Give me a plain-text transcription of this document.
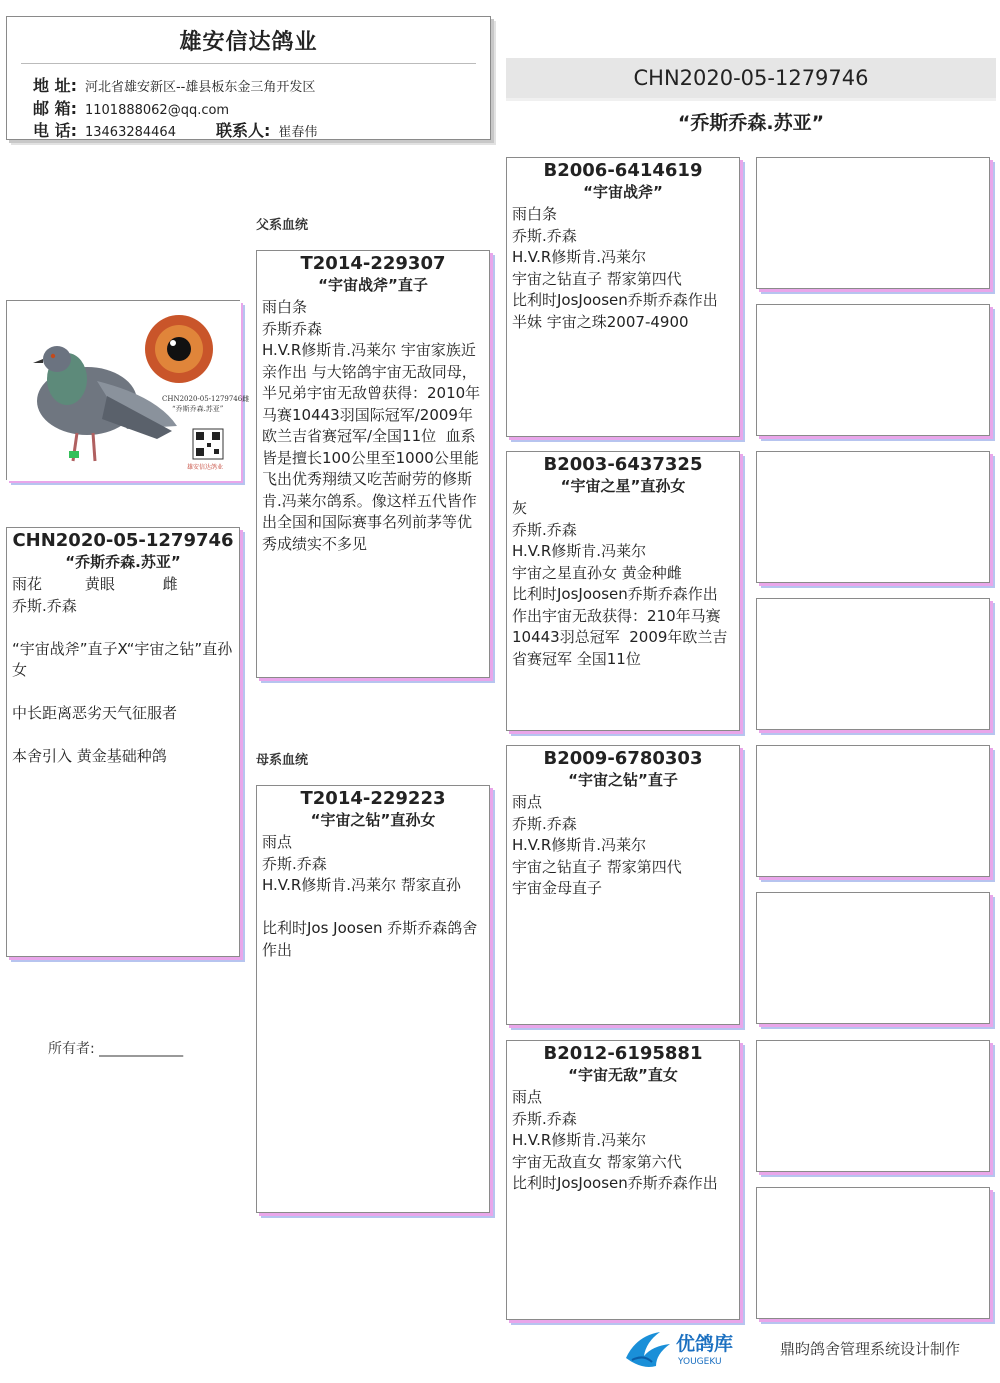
雄安信达鸽业
地 址: 河北省雄安新区--雄县板东金三角开发区
邮 箱: 1101888062@qq.com
电 话: 13463284464	联系人: 崔春伟
CHN2020-05-1279746
“乔斯乔森.苏亚”
父系血统
母系血统
CHN2020-05-1279746雌
“乔斯乔森.苏亚”
雄安信达鸽业
CHN2020-05-1279746
“乔斯乔森.苏亚”
雨花         黄眼          雌
乔斯.乔森

“宇宙战斧”直子X“宇宙之钻”直孙女

中长距离恶劣天气征服者

本舍引入 黄金基础种鸽
T2014-229307
“宇宙战斧”直子
雨白条
乔斯乔森
H.V.R修斯肯.冯莱尔 宇宙家族近亲作出 与大铭鸽宇宙无敌同母，半兄弟宇宙无敌曾获得：2010年马赛10443羽国际冠军/2009年欧兰吉省赛冠军/全国11位  血系皆是擅长100公里至1000公里能飞出优秀翔绩又吃苦耐劳的修斯肯.冯莱尔鸽系。像这样五代皆作出全国和国际赛事名列前茅等优秀成绩实不多见
T2014-229223
“宇宙之钻”直孙女
雨点
乔斯.乔森
H.V.R修斯肯.冯莱尔 帮家直孙

比利时Jos Joosen 乔斯乔森鸽舍作出
B2006-6414619
“宇宙战斧”
雨白条
乔斯.乔森
H.V.R修斯肯.冯莱尔
宇宙之钻直子 帮家第四代
比利时JosJoosen乔斯乔森作出
半妹 宇宙之珠2007-4900
B2003-6437325
“宇宙之星”直孙女
灰
乔斯.乔森
H.V.R修斯肯.冯莱尔
宇宙之星直孙女 黄金种雌
比利时JosJoosen乔斯乔森作出
作出宇宙无敌获得：210年马赛10443羽总冠军  2009年欧兰吉省赛冠军 全国11位
B2009-6780303
“宇宙之钻”直子
雨点
乔斯.乔森
H.V.R修斯肯.冯莱尔
宇宙之钻直子 帮家第四代
宇宙金母直子
B2012-6195881
“宇宙无敌”直女
雨点
乔斯.乔森
H.V.R修斯肯.冯莱尔
宇宙无敌直女 帮家第六代
比利时JosJoosen乔斯乔森作出
所有者: ____________
优鸽库
YOUGEKU
鼎昀鸽舍管理系统设计制作
